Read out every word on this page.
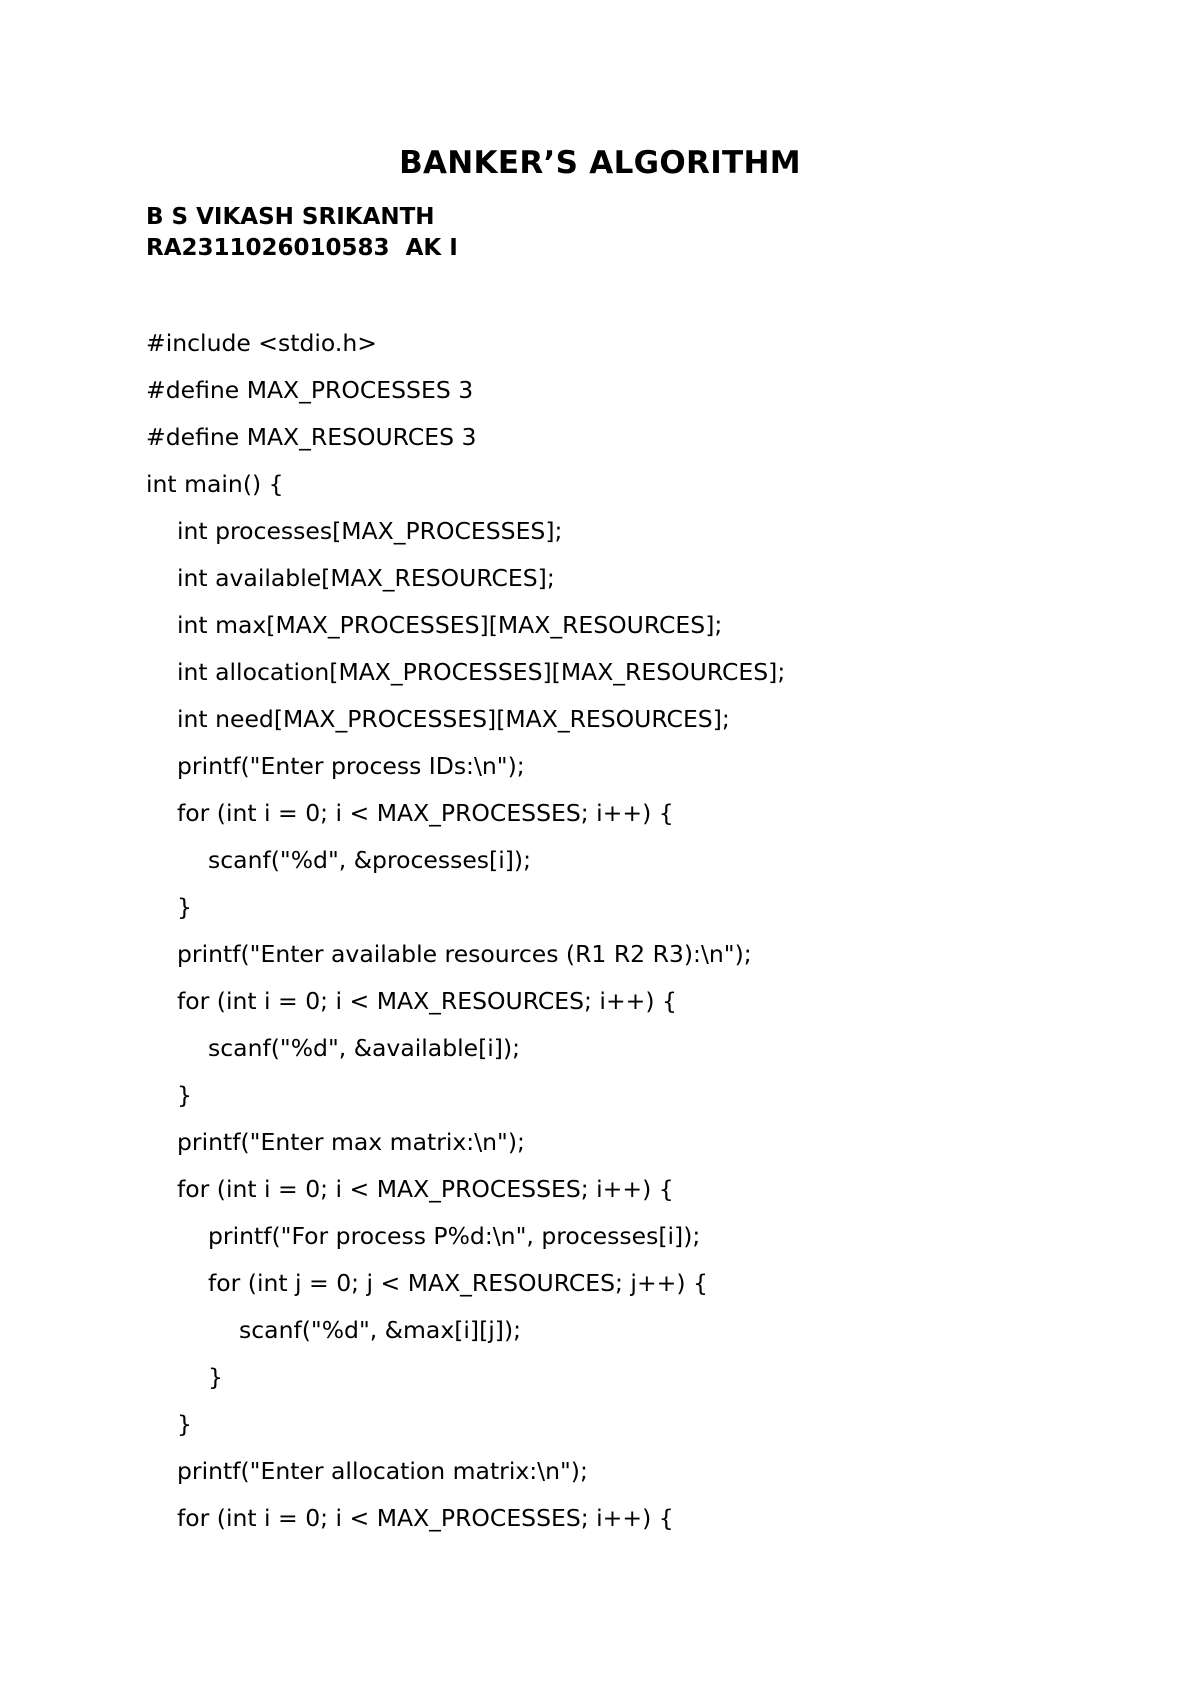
BANKER’S ALGORITHM
B S VIKASH SRIKANTH
RA2311026010583  AK I
#include <stdio.h>
#define MAX_PROCESSES 3
#define MAX_RESOURCES 3
int main() {
int processes[MAX_PROCESSES];
int available[MAX_RESOURCES];
int max[MAX_PROCESSES][MAX_RESOURCES];
int allocation[MAX_PROCESSES][MAX_RESOURCES];
int need[MAX_PROCESSES][MAX_RESOURCES];
printf("Enter process IDs:\n");
for (int i = 0; i < MAX_PROCESSES; i++) {
scanf("%d", &processes[i]);
}
printf("Enter available resources (R1 R2 R3):\n");
for (int i = 0; i < MAX_RESOURCES; i++) {
scanf("%d", &available[i]);
}
printf("Enter max matrix:\n");
for (int i = 0; i < MAX_PROCESSES; i++) {
printf("For process P%d:\n", processes[i]);
for (int j = 0; j < MAX_RESOURCES; j++) {
scanf("%d", &max[i][j]);
}
}
printf("Enter allocation matrix:\n");
for (int i = 0; i < MAX_PROCESSES; i++) {
